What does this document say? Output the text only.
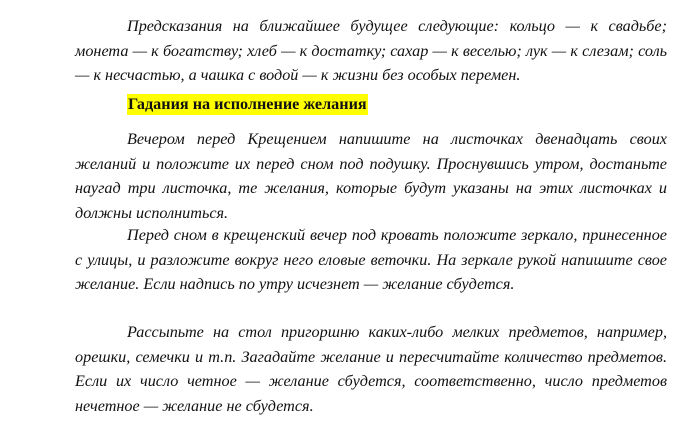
Предсказания на ближайшее будущее следующие: кольцо — к свадьбе; монета — к богатству; хлеб — к достатку; сахар — к веселью; лук — к слезам; соль — к несчастью, а чашка с водой — к жизни без особых перемен.

Гадания на исполнение желания

Вечером перед Крещением напишите на листочках двенадцать своих желаний и положите их перед сном под подушку. Проснувшись утром, достаньте наугад три листочка, те желания, которые будут указаны на этих листочках и должны исполниться.

Перед сном в крещенский вечер под кровать положите зеркало, принесенное с улицы, и разложите вокруг него еловые веточки. На зеркале рукой напишите свое желание. Если надпись по утру исчезнет — желание сбудется.

Рассыпьте на стол пригоршню каких-либо мелких предметов, например, орешки, семечки и т.п. Загадайте желание и пересчитайте количество предметов. Если их число четное — желание сбудется, соответственно, число предметов нечетное — желание не сбудется.
